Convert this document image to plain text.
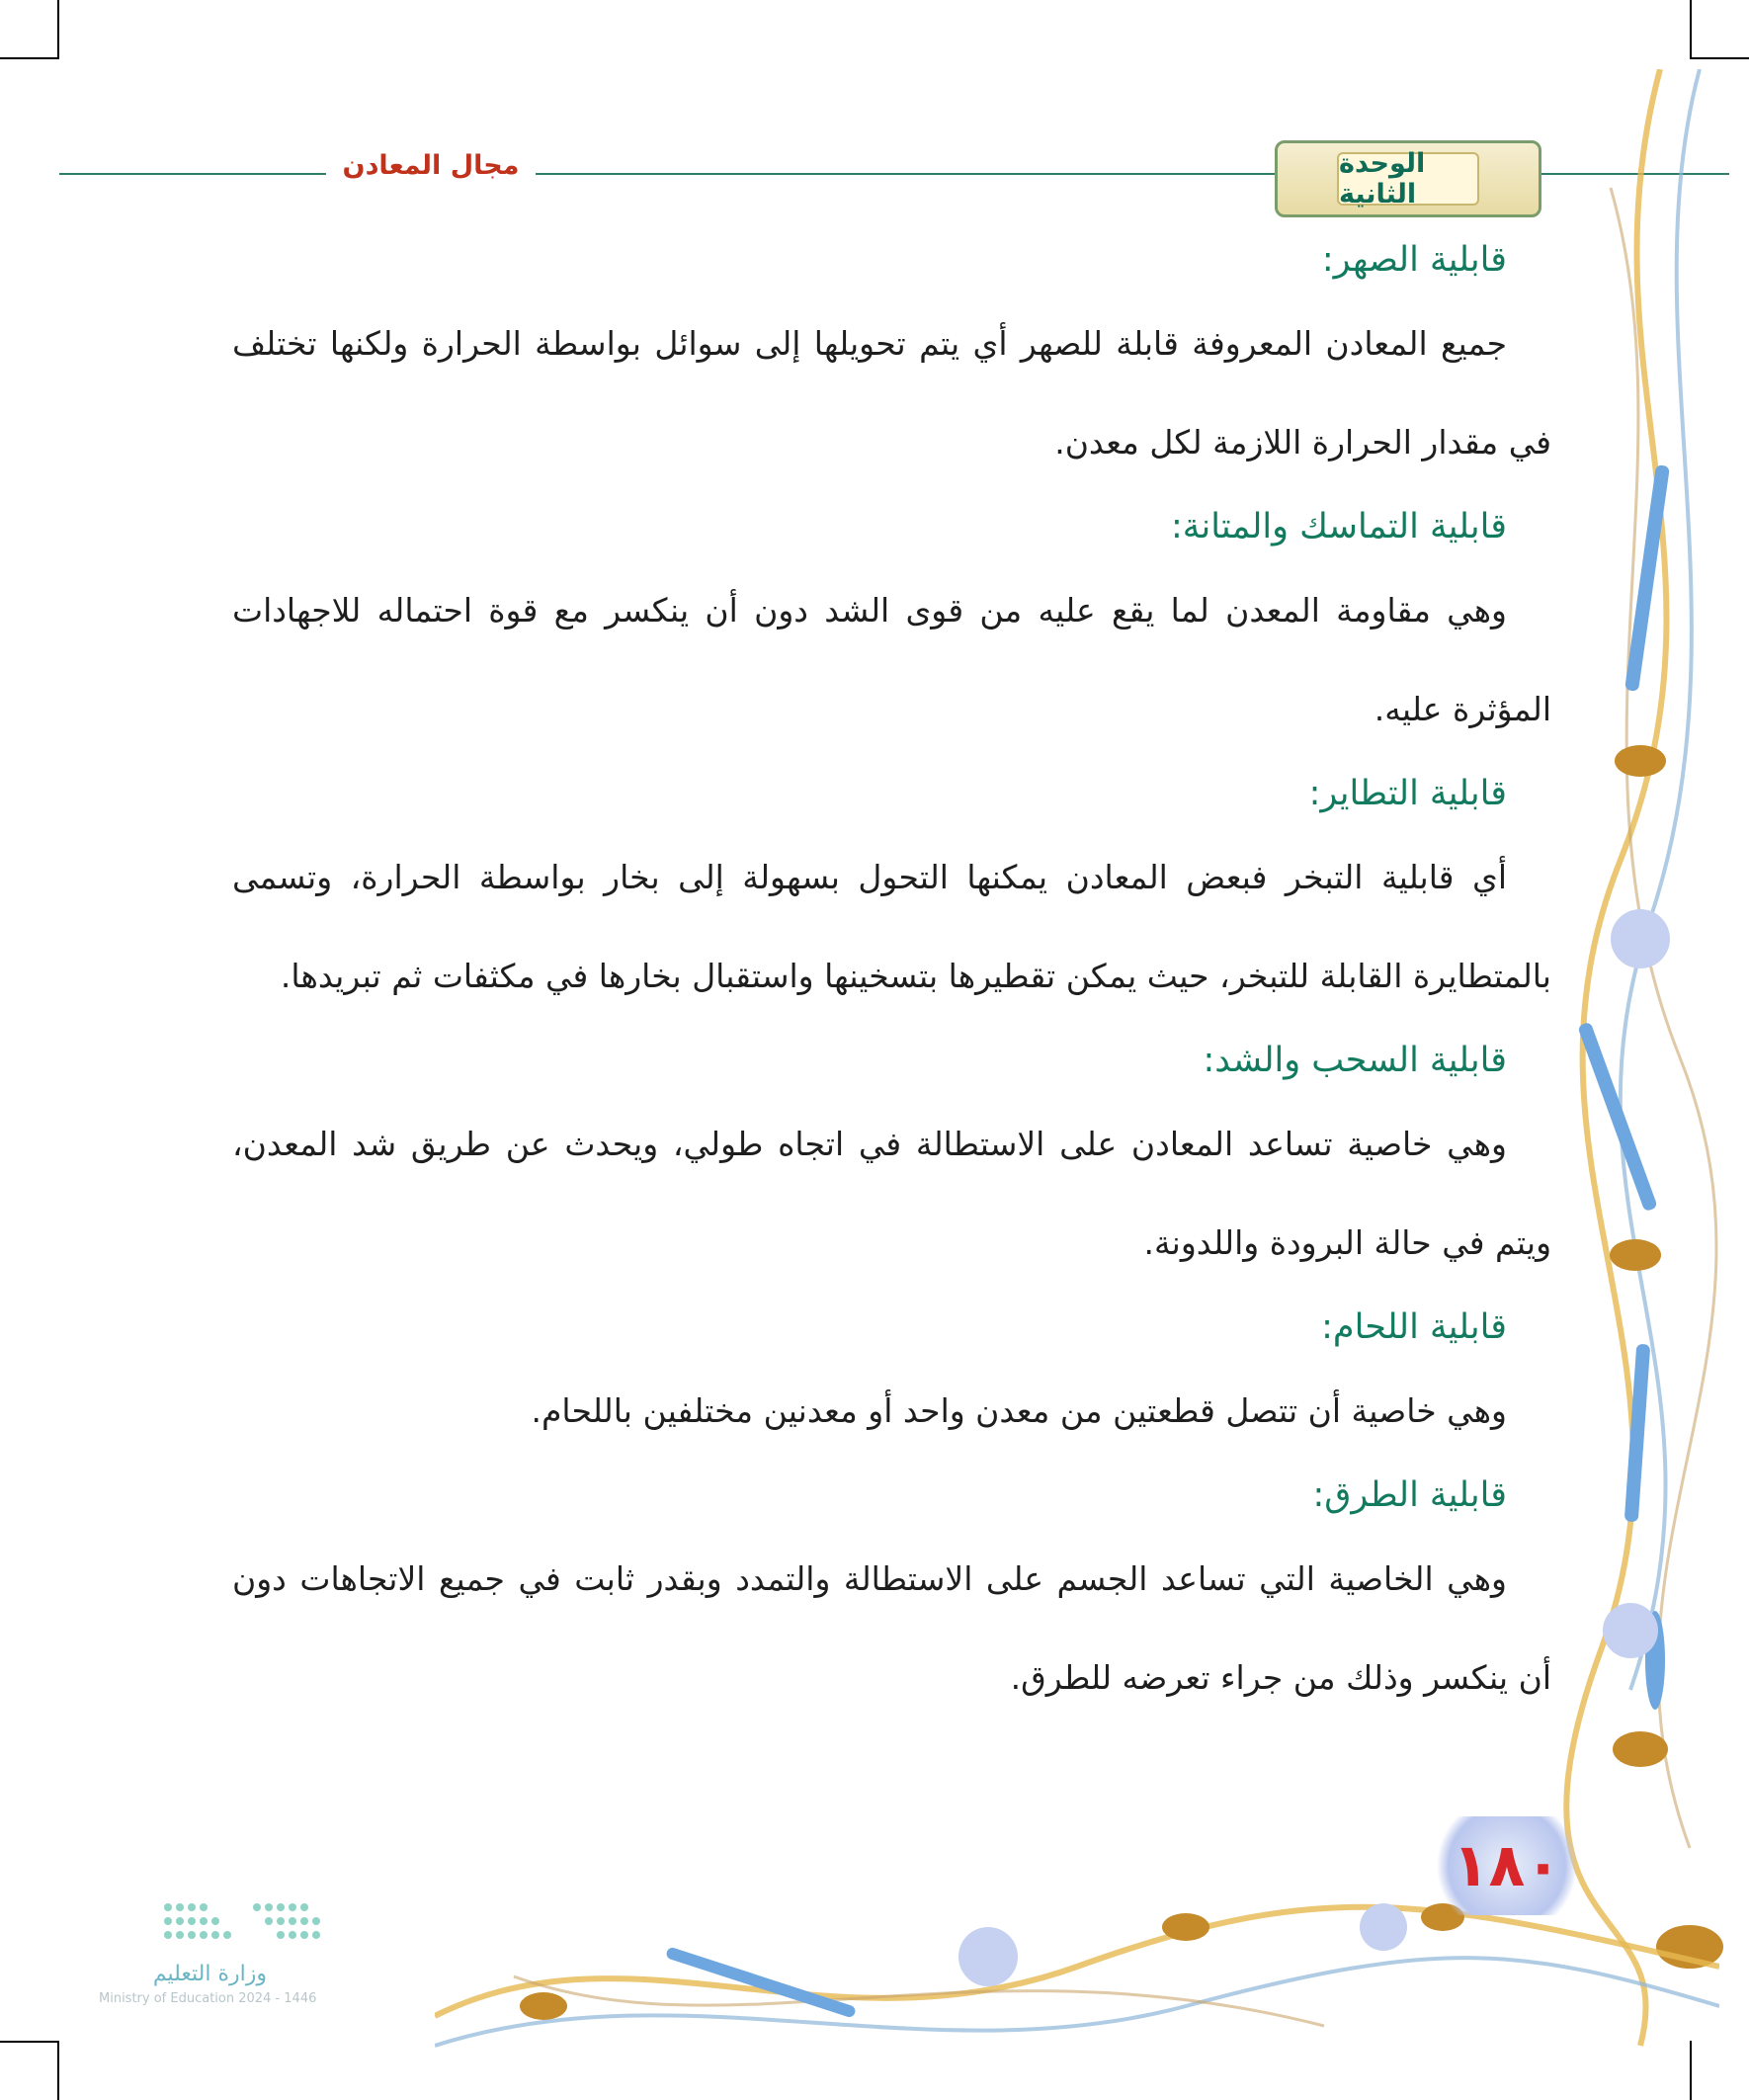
مجال المعادن	الوحدة الثانية
قابلية الصهر:

جميع المعادن المعروفة قابلة للصهر أي يتم تحويلها إلى سوائل بواسطة الحرارة ولكنها تختلف في مقدار الحرارة اللازمة لكل معدن.

قابلية التماسك والمتانة:

وهي مقاومة المعدن لما يقع عليه من قوى الشد دون أن ينكسر مع قوة احتماله للاجهادات المؤثرة عليه.

قابلية التطاير:

أي قابلية التبخر فبعض المعادن يمكنها التحول بسهولة إلى بخار بواسطة الحرارة، وتسمى بالمتطايرة القابلة للتبخر، حيث يمكن تقطيرها بتسخينها واستقبال بخارها في مكثفات ثم تبريدها.

قابلية السحب والشد:

وهي خاصية تساعد المعادن على الاستطالة في اتجاه طولي، ويحدث عن طريق شد المعدن، ويتم في حالة البرودة واللدونة.

قابلية اللحام:

وهي خاصية أن تتصل قطعتين من معدن واحد أو معدنين مختلفين باللحام.

قابلية الطرق:

وهي الخاصية التي تساعد الجسم على الاستطالة والتمدد وبقدر ثابت في جميع الاتجاهات دون أن ينكسر وذلك من جراء تعرضه للطرق.

١٨٠
وزارة التعليم
Ministry of Education 2024 - 1446
